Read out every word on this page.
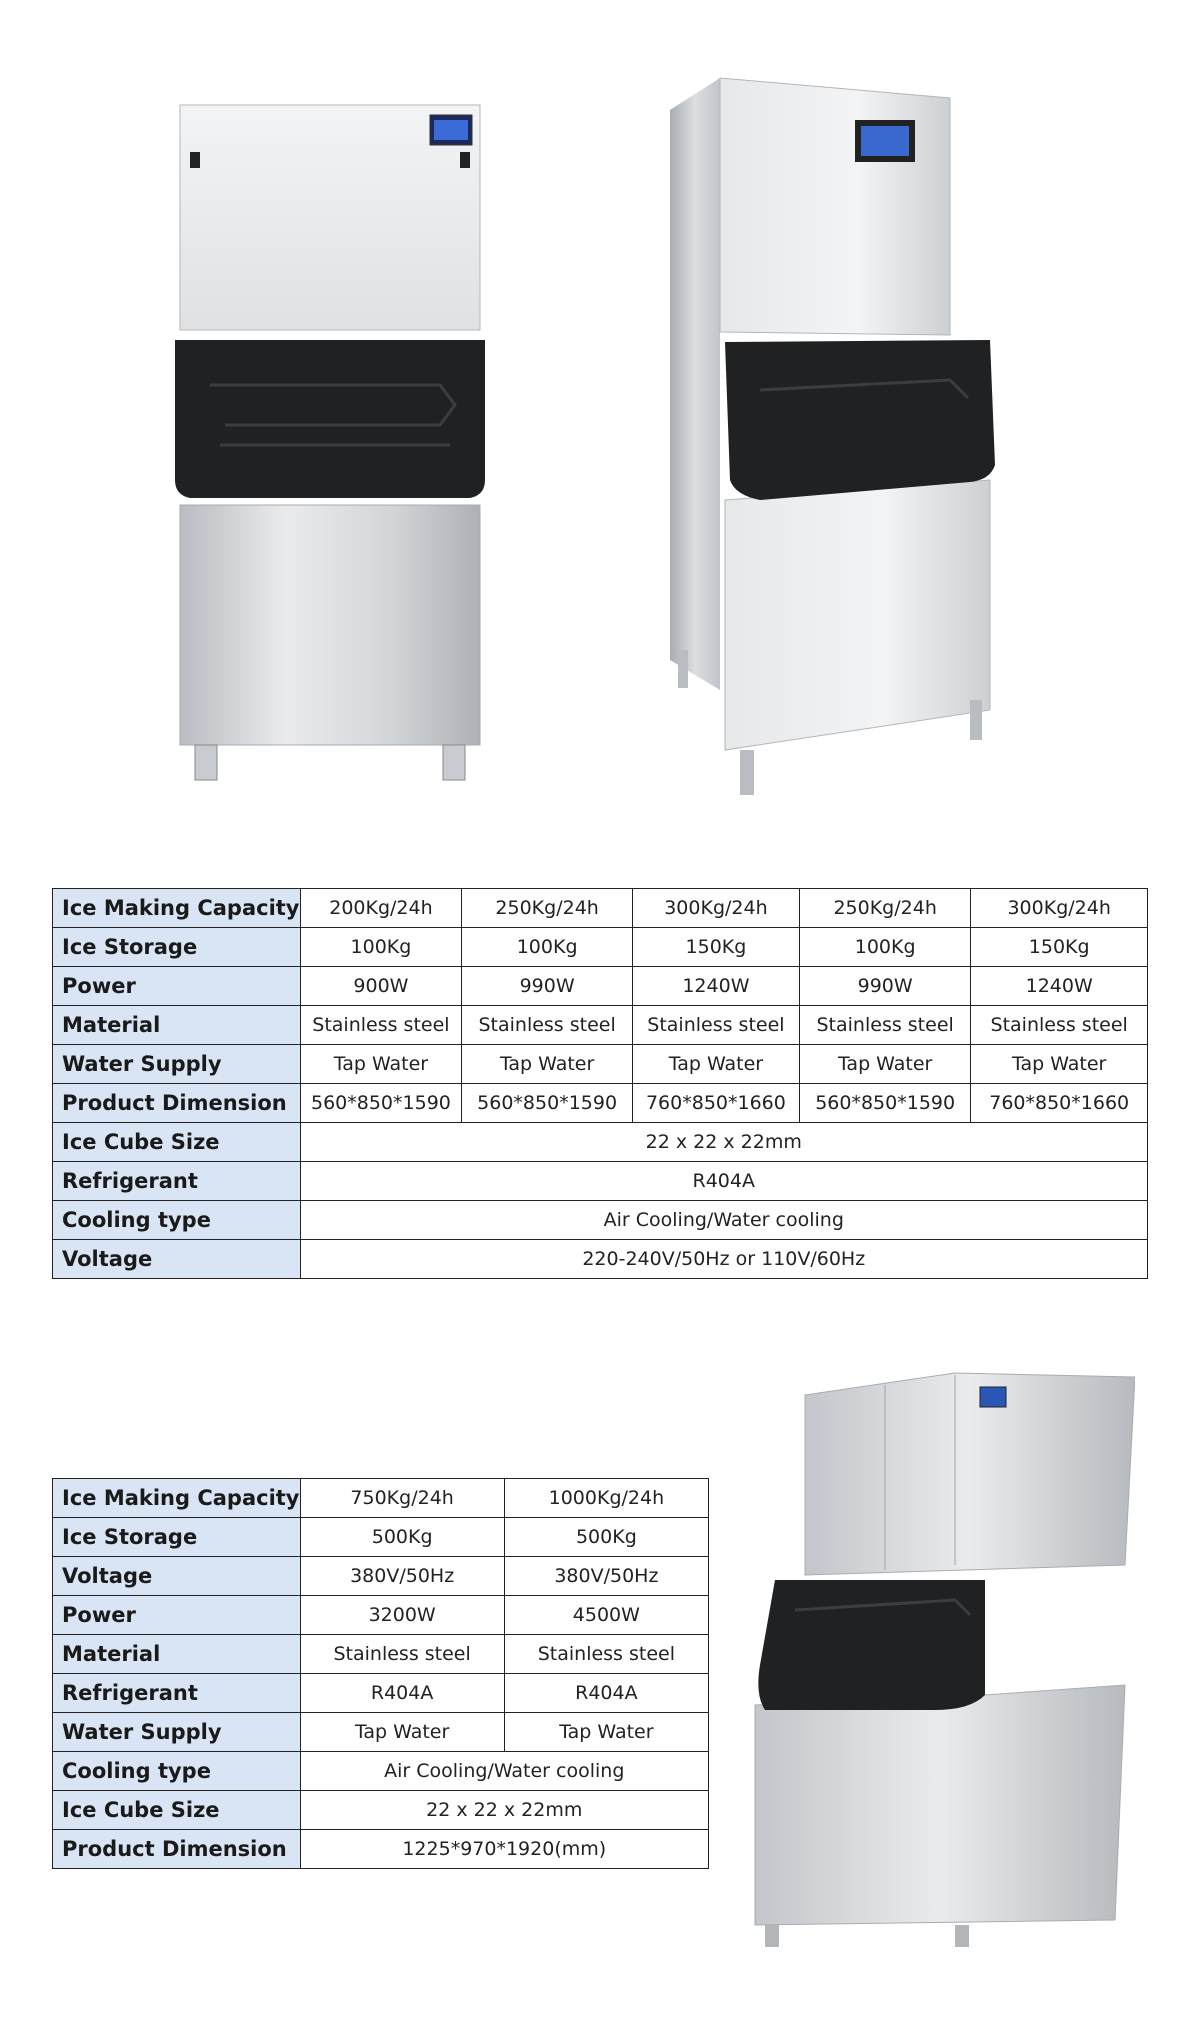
Ice Making Capacity	200Kg/24h	250Kg/24h	300Kg/24h	250Kg/24h	300Kg/24h
Ice Storage	100Kg	100Kg	150Kg	100Kg	150Kg
Power	900W	990W	1240W	990W	1240W
Material	Stainless steel	Stainless steel	Stainless steel	Stainless steel	Stainless steel
Water Supply	Tap Water	Tap Water	Tap Water	Tap Water	Tap Water
Product Dimension	560*850*1590	560*850*1590	760*850*1660	560*850*1590	760*850*1660
Ice Cube Size	22 x 22 x 22mm				
Refrigerant	R404A				
Cooling type	Air Cooling/Water cooling				
Voltage	220-240V/50Hz or 110V/60Hz				
Ice Making Capacity	750Kg/24h	1000Kg/24h
Ice Storage	500Kg	500Kg
Voltage	380V/50Hz	380V/50Hz
Power	3200W	4500W
Material	Stainless steel	Stainless steel
Refrigerant	R404A	R404A
Water Supply	Tap Water	Tap Water
Cooling type	Air Cooling/Water cooling	
Ice Cube Size	22 x 22 x 22mm	
Product Dimension	1225*970*1920(mm)	
